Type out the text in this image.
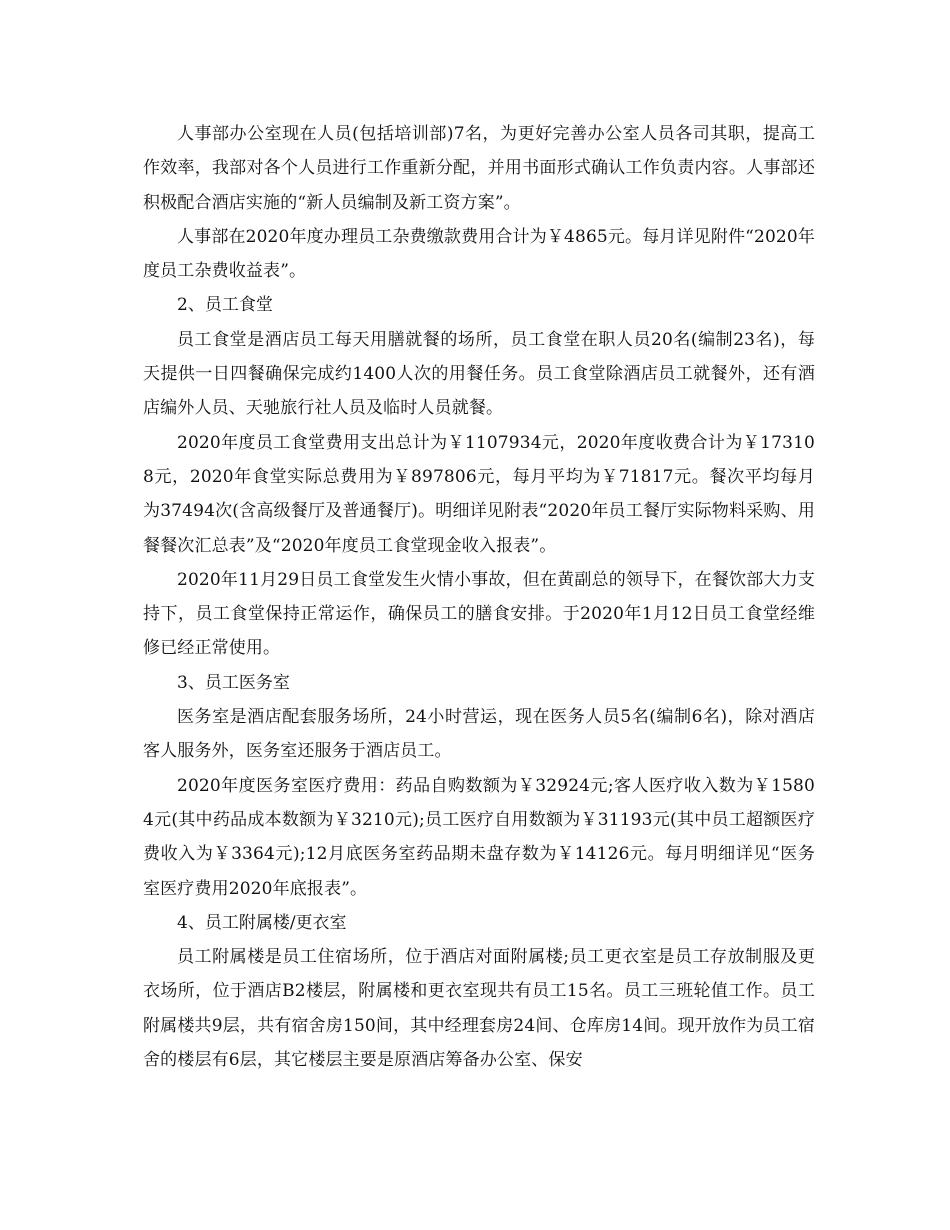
人事部办公室现在人员(包括培训部)7名，为更好完善办公室人员各司其职，提高工作效率，我部对各个人员进行工作重新分配，并用书面形式确认工作负责内容。人事部还积极配合酒店实施的“新人员编制及新工资方案”。

人事部在2020年度办理员工杂费缴款费用合计为￥4865元。每月详见附件“2020年度员工杂费收益表”。

2、员工食堂

员工食堂是酒店员工每天用膳就餐的场所，员工食堂在职人员20名(编制23名)，每天提供一日四餐确保完成约1400人次的用餐任务。员工食堂除酒店员工就餐外，还有酒店编外人员、天驰旅行社人员及临时人员就餐。

2020年度员工食堂费用支出总计为￥1107934元，2020年度收费合计为￥173108元，2020年食堂实际总费用为￥897806元，每月平均为￥71817元。餐次平均每月为37494次(含高级餐厅及普通餐厅)。明细详见附表“2020年员工餐厅实际物料采购、用餐餐次汇总表”及“2020年度员工食堂现金收入报表”。

2020年11月29日员工食堂发生火情小事故，但在黄副总的领导下，在餐饮部大力支持下，员工食堂保持正常运作，确保员工的膳食安排。于2020年1月12日员工食堂经维修已经正常使用。

3、员工医务室

医务室是酒店配套服务场所，24小时营运，现在医务人员5名(编制6名)，除对酒店客人服务外，医务室还服务于酒店员工。

2020年度医务室医疗费用：药品自购数额为￥32924元;客人医疗收入数为￥15804元(其中药品成本数额为￥3210元);员工医疗自用数额为￥31193元(其中员工超额医疗费收入为￥3364元);12月底医务室药品期未盘存数为￥14126元。每月明细详见“医务室医疗费用2020年底报表”。

4、员工附属楼/更衣室

员工附属楼是员工住宿场所，位于酒店对面附属楼;员工更衣室是员工存放制服及更衣场所，位于酒店B2楼层，附属楼和更衣室现共有员工15名。员工三班轮值工作。员工附属楼共9层，共有宿舍房150间，其中经理套房24间、仓库房14间。现开放作为员工宿舍的楼层有6层，其它楼层主要是原酒店筹备办公室、保安
